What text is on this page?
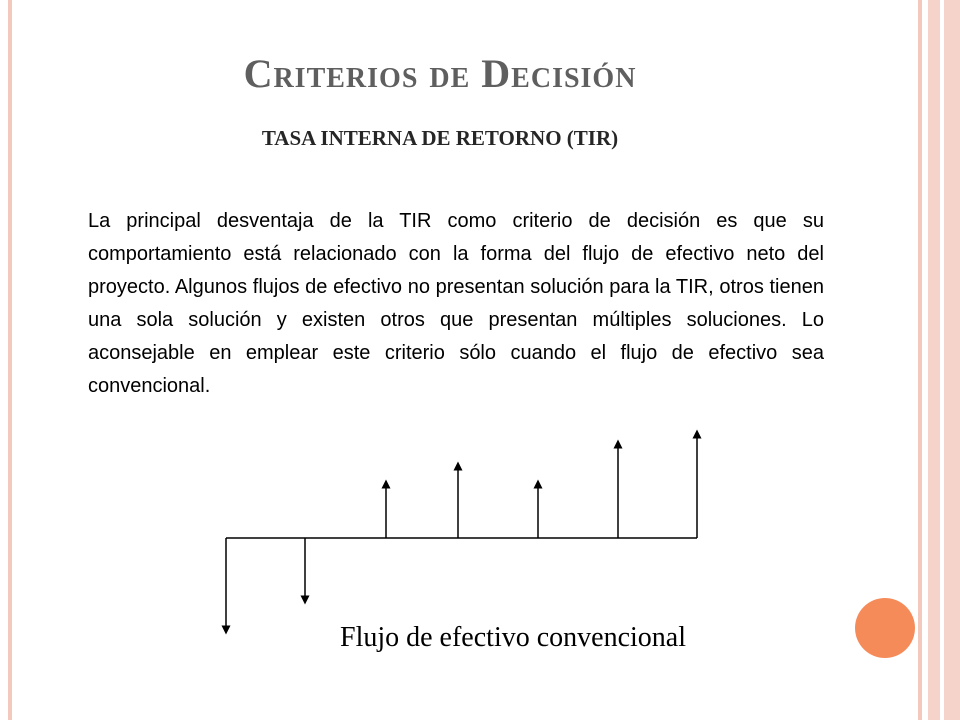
Criterios de Decisión
TASA INTERNA DE RETORNO (TIR)

La principal desventaja de la TIR como criterio de decisión es que su comportamiento está relacionado con la forma del flujo de efectivo neto del proyecto. Algunos flujos de efectivo no presentan solución para la TIR, otros tienen una sola solución y existen otros que presentan múltiples soluciones. Lo aconsejable en emplear este criterio sólo cuando el flujo de efectivo sea convencional.

Flujo de efectivo convencional
